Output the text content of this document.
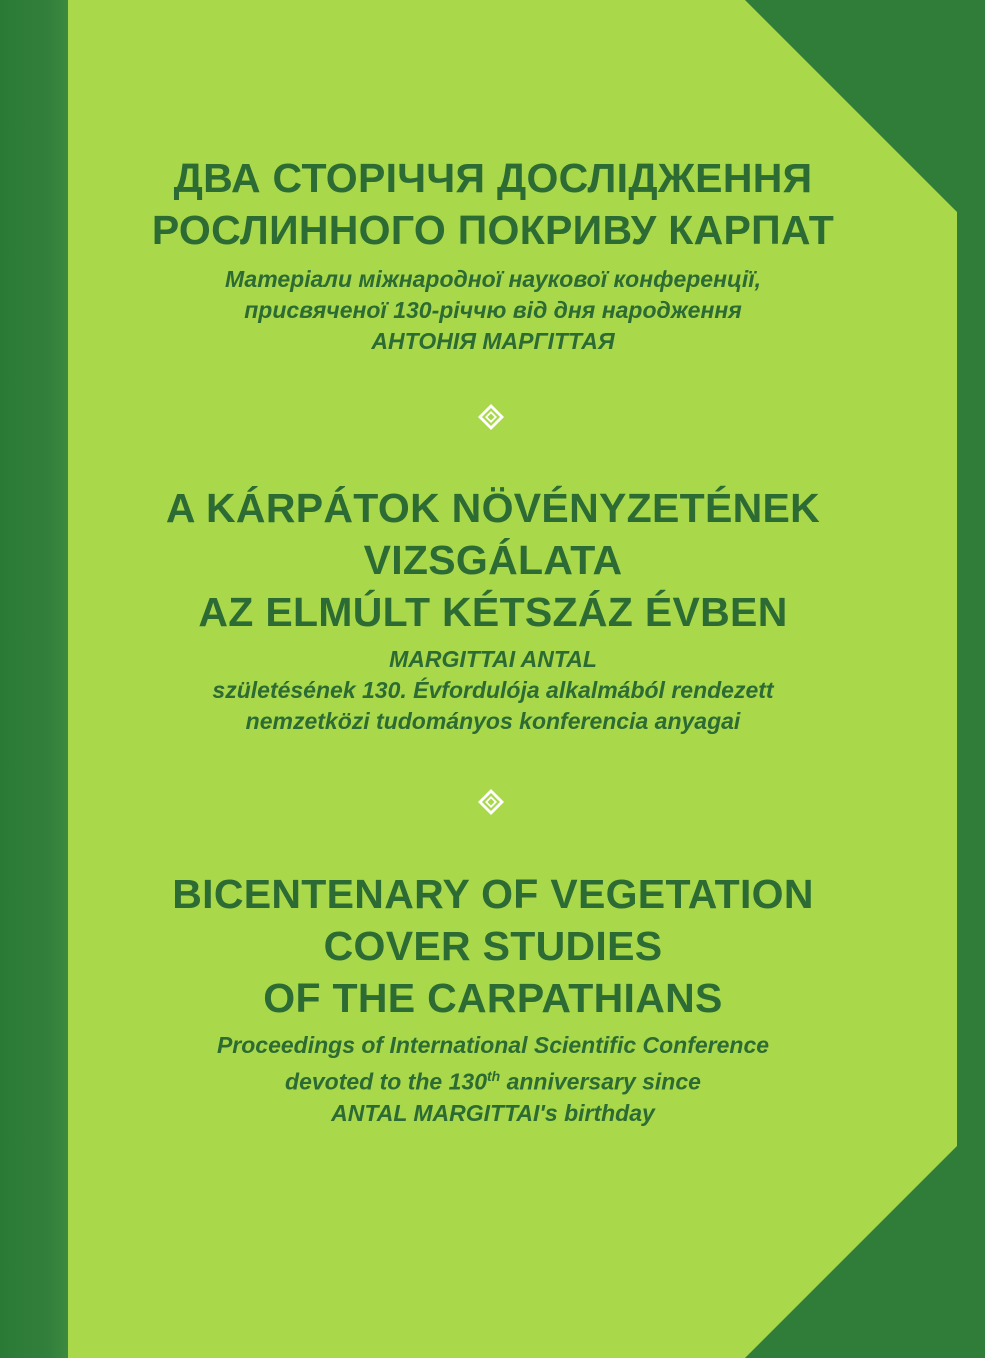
ДВА СТОРІЧЧЯ ДОСЛІДЖЕННЯ
РОСЛИННОГО ПОКРИВУ КАРПАТ

Матеріали міжнародної наукової конференції,
присвяченої 130-річчю від дня народження
АНТОНІЯ МАРГІТТАЯ

A KÁRPÁTOK NÖVÉNYZETÉNEK
VIZSGÁLATA
AZ ELMÚLT KÉTSZÁZ ÉVBEN

MARGITTAI ANTAL
születésének 130. Évfordulója alkalmából rendezett
nemzetközi tudományos konferencia anyagai

BICENTENARY OF VEGETATION
COVER STUDIES
OF THE CARPATHIANS

Proceedings of International Scientific Conference
devoted to the 130th anniversary since
ANTAL MARGITTAI's birthday
